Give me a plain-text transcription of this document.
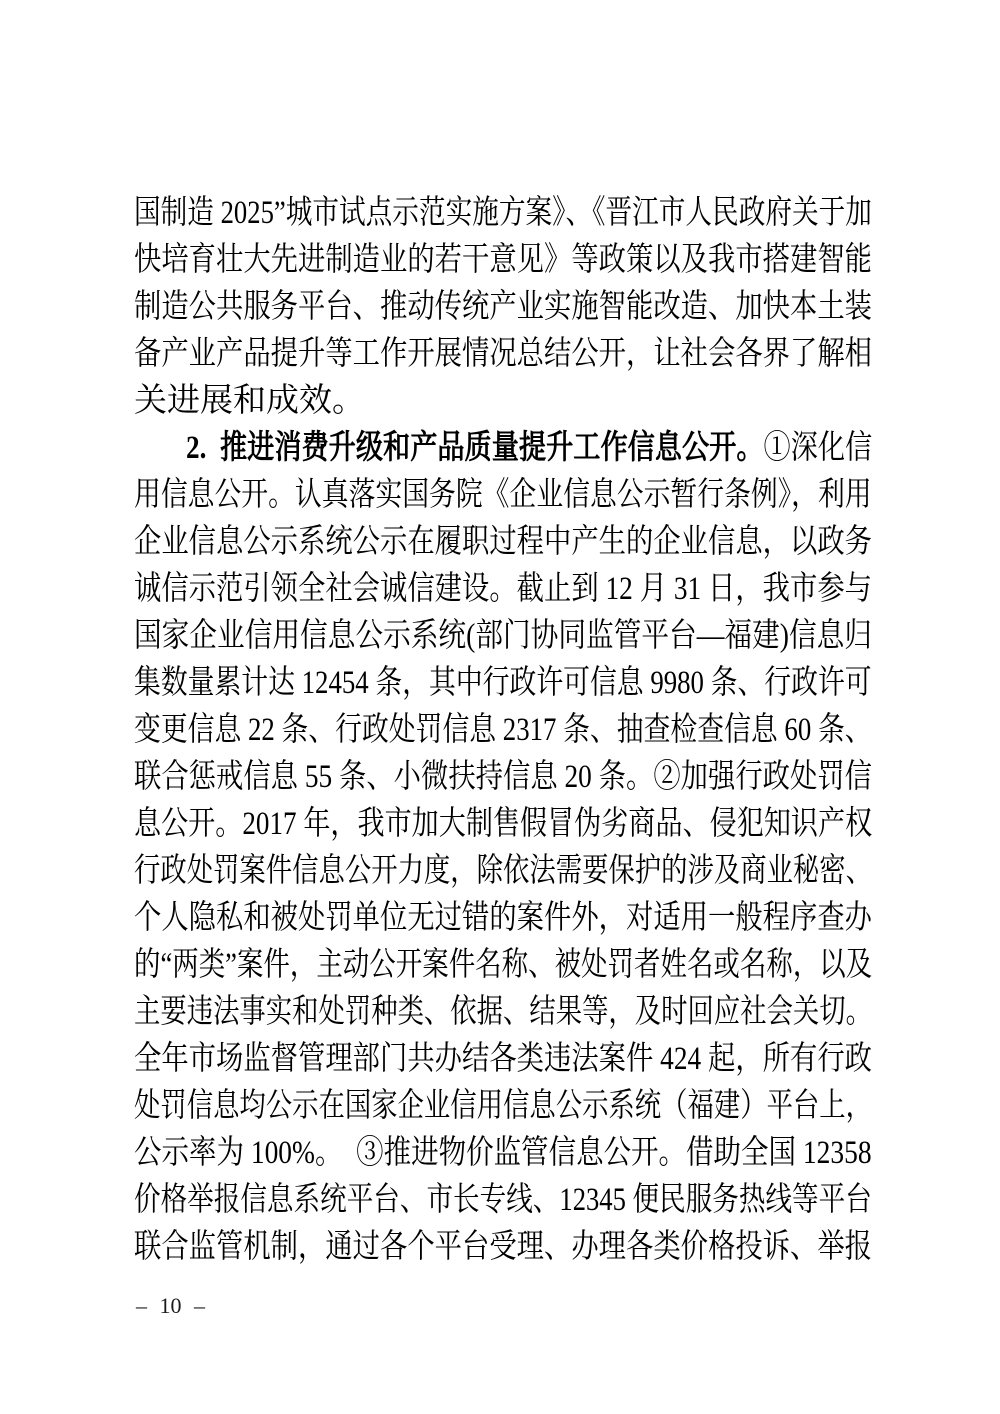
国制造 2025”城市试点示范实施方案》、《晋江市人民政府关于加
快培育壮大先进制造业的若干意见》等政策以及我市搭建智能
制造公共服务平台、推动传统产业实施智能改造、加快本土装
备产业产品提升等工作开展情况总结公开，让社会各界了解相
关进展和成效。
2.  推进消费升级和产品质量提升工作信息公开。①深化信
用信息公开。认真落实国务院《企业信息公示暂行条例》，利用
企业信息公示系统公示在履职过程中产生的企业信息，以政务
诚信示范引领全社会诚信建设。截止到 12 月 31 日，我市参与
国家企业信用信息公示系统(部门协同监管平台—福建)信息归
集数量累计达 12454 条，其中行政许可信息 9980 条、行政许可
变更信息 22 条、行政处罚信息 2317 条、抽查检查信息 60 条、
联合惩戒信息 55 条、小微扶持信息 20 条。②加强行政处罚信
息公开。2017 年，我市加大制售假冒伪劣商品、侵犯知识产权
行政处罚案件信息公开力度，除依法需要保护的涉及商业秘密、
个人隐私和被处罚单位无过错的案件外，对适用一般程序查办
的“两类”案件，主动公开案件名称、被处罚者姓名或名称，以及
主要违法事实和处罚种类、依据、结果等，及时回应社会关切。
全年市场监督管理部门共办结各类违法案件 424 起，所有行政
处罚信息均公示在国家企业信用信息公示系统（福建）平台上，
公示率为 100%。　③推进物价监管信息公开。借助全国 12358
价格举报信息系统平台、市长专线、12345 便民服务热线等平台
联合监管机制，通过各个平台受理、办理各类价格投诉、举报
– 10 –
